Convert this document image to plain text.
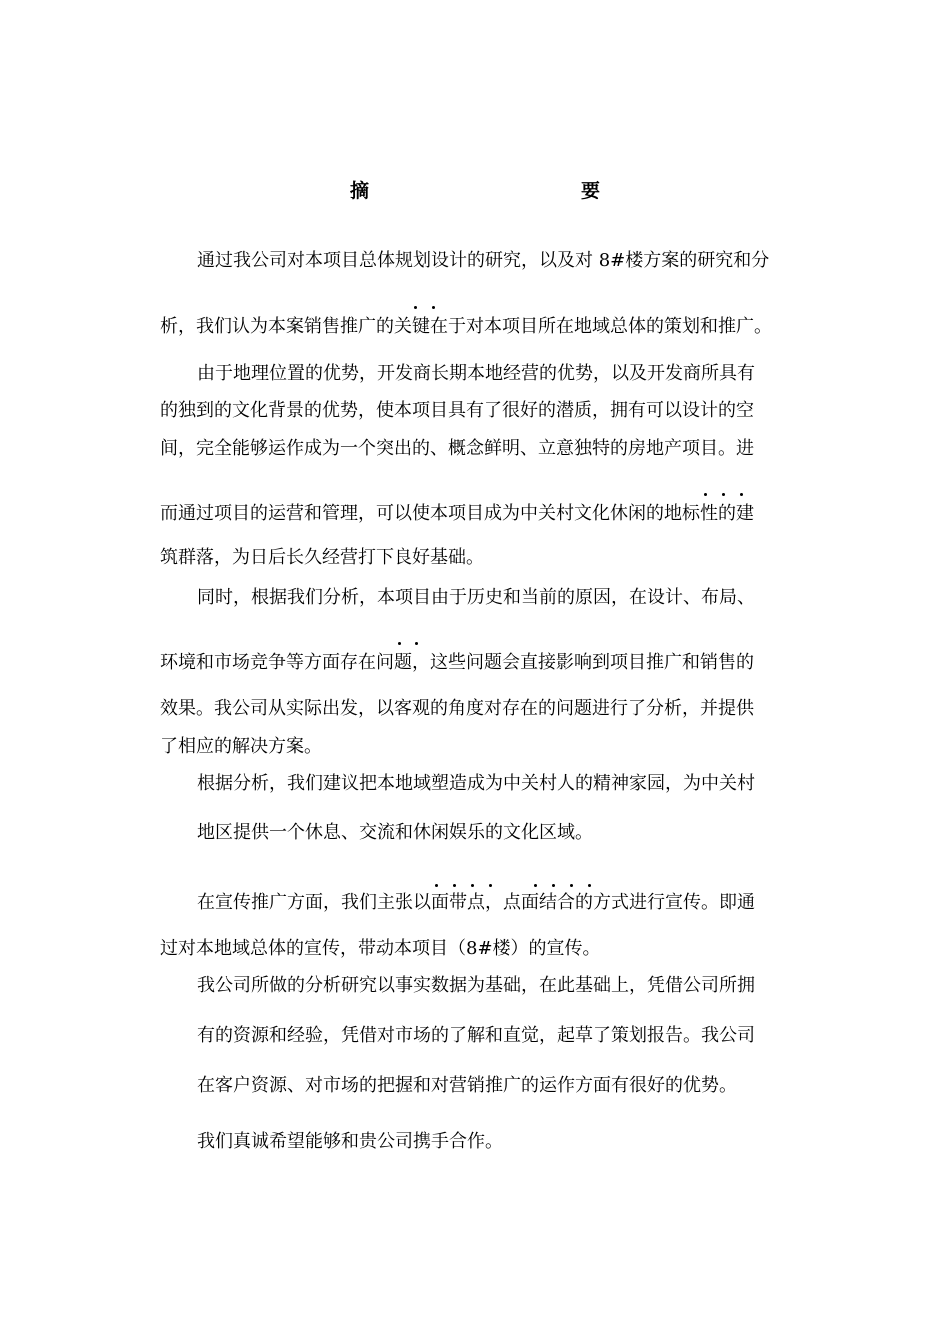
摘　　要
通过我公司对本项目总体规划设计的研究，以及对 8#楼方案的研究和分
析，我们认为本案销售推广的关键在于对本项目所在地域总体的策划和推广。
由于地理位置的优势，开发商长期本地经营的优势，以及开发商所具有
的独到的文化背景的优势，使本项目具有了很好的潜质，拥有可以设计的空
间，完全能够运作成为一个突出的、概念鲜明、立意独特的房地产项目。进
而通过项目的运营和管理，可以使本项目成为中关村文化休闲的地标性的建
筑群落，为日后长久经营打下良好基础。
同时，根据我们分析，本项目由于历史和当前的原因，在设计、布局、
环境和市场竞争等方面存在问题，这些问题会直接影响到项目推广和销售的
效果。我公司从实际出发，以客观的角度对存在的问题进行了分析，并提供
了相应的解决方案。
根据分析，我们建议把本地域塑造成为中关村人的精神家园，为中关村
地区提供一个休息、交流和休闲娱乐的文化区域。
在宣传推广方面，我们主张以面带点，点面结合的方式进行宣传。即通
过对本地域总体的宣传，带动本项目（8#楼）的宣传。
我公司所做的分析研究以事实数据为基础，在此基础上，凭借公司所拥
有的资源和经验，凭借对市场的了解和直觉，起草了策划报告。我公司
在客户资源、对市场的把握和对营销推广的运作方面有很好的优势。
我们真诚希望能够和贵公司携手合作。
